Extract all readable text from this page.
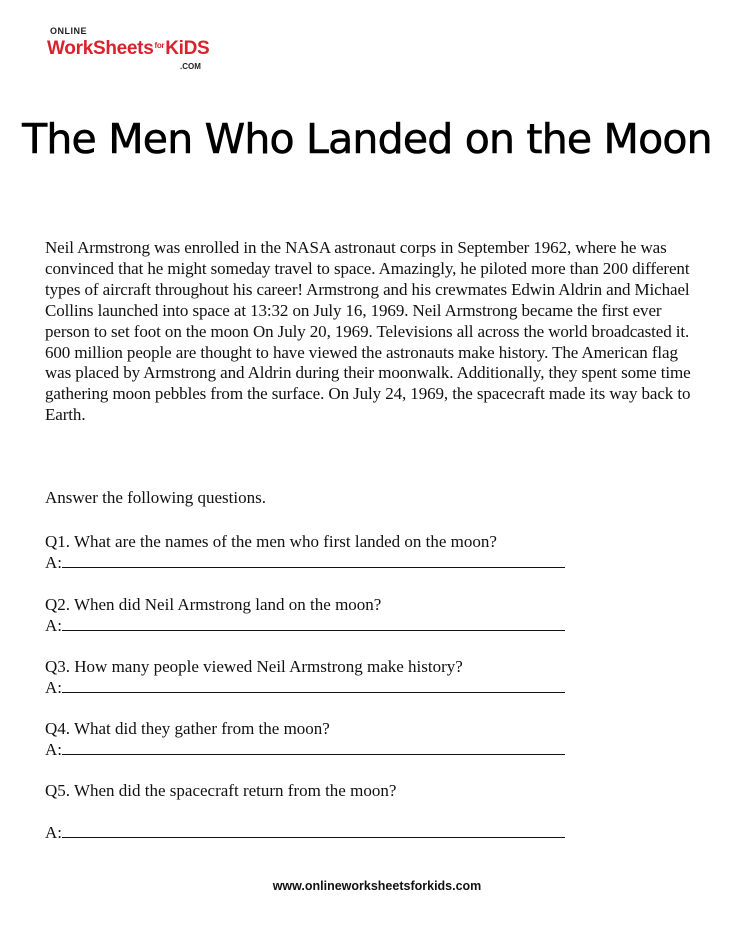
ONLINE
WorkSheets$^{for}$KiDS
.COM
The Men Who Landed on the Moon

Neil Armstrong was enrolled in the NASA astronaut corps in September 1962, where he was convinced that he might someday travel to space. Amazingly, he piloted more than 200 different types of aircraft throughout his career! Armstrong and his crewmates Edwin Aldrin and Michael Collins launched into space at 13:32 on July 16, 1969. Neil Armstrong became the first ever person to set foot on the moon On July 20, 1969. Televisions all across the world broadcasted it. 600 million people are thought to have viewed the astronauts make history. The American flag was placed by Armstrong and Aldrin during their moonwalk. Additionally, they spent some time gathering moon pebbles from the surface. On July 24, 1969, the spacecraft made its way back to Earth.

Answer the following questions.

Q1. What are the names of the men who first landed on the moon?
A:
Q2. When did Neil Armstrong land on the moon?
A:
Q3. How many people viewed Neil Armstrong make history?
A:
Q4. What did they gather from the moon?
A:
Q5. When did the spacecraft return from the moon?
A:
www.onlineworksheetsforkids.com
